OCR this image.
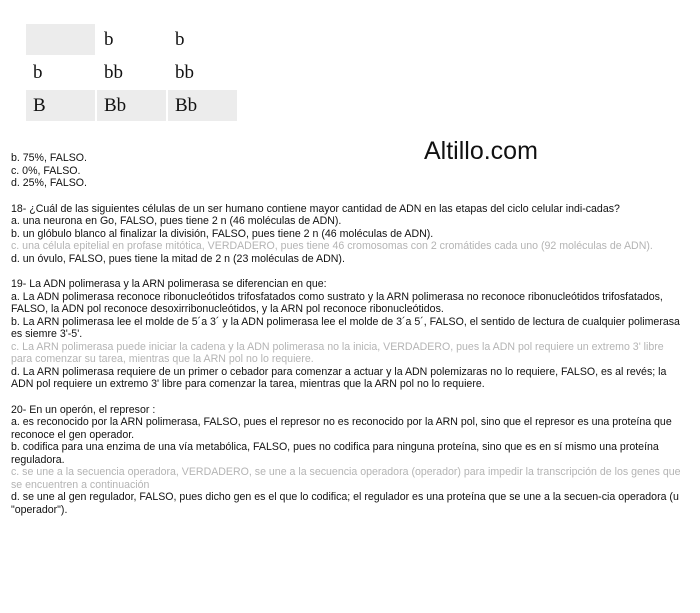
	b	b
b	bb	bb
B	Bb	Bb
Altillo.com

b. 75%, FALSO.

c. 0%, FALSO.

d. 25%, FALSO.

18- ¿Cuál de las siguientes células de un ser humano contiene mayor cantidad de ADN en las etapas del ciclo celular indi-cadas?

a. una neurona en Go, FALSO, pues tiene 2 n (46 moléculas de ADN).

b. un glóbulo blanco al finalizar la división, FALSO, pues tiene 2 n (46 moléculas de ADN).

c. una célula epitelial en profase mitótica, VERDADERO, pues tiene 46 cromosomas con 2 cromátides cada uno (92 moléculas de ADN).

d. un óvulo, FALSO, pues tiene la mitad de 2 n (23 moléculas de ADN).

19- La ADN polimerasa y la ARN polimerasa se diferencian en que:

a. La ADN polimerasa reconoce ribonucleótidos trifosfatados como sustrato y la ARN polimerasa no reconoce ribonucleótidos trifosfatados, FALSO, la ADN pol reconoce desoxirribonucleótidos, y la ARN pol reconoce ribonucleótidos.

b. La ARN polimerasa lee el molde de 5´a 3´ y la ADN polimerasa lee el molde de 3´a 5´, FALSO, el sentido de lectura de cualquier polimerasa es siemre 3'-5'.

c. La ARN polimerasa puede iniciar la cadena y la ADN polimerasa no la inicia, VERDADERO, pues la ADN pol requiere un extremo 3' libre para comenzar su tarea, mientras que la ARN pol no lo requiere.

d. La ARN polimerasa requiere de un primer o cebador para comenzar a actuar y la ADN polemizaras no lo requiere, FALSO, es al revés; la ADN pol requiere un extremo 3' libre para comenzar la tarea, mientras que la ARN pol no lo requiere.

20- En un operón, el represor :

a. es reconocido por la ARN polimerasa, FALSO, pues el represor no es reconocido por la ARN pol, sino que el represor es una proteína que reconoce el gen operador.

b. codifica para una enzima de una vía metabólica, FALSO, pues no codifica para ninguna proteína, sino que es en sí mismo una proteína reguladora.

c. se une a la secuencia operadora, VERDADERO, se une a la secuencia operadora (operador) para impedir la transcripción de los genes que se encuentren a continuación

d. se une al gen regulador, FALSO, pues dicho gen es el que lo codifica; el regulador es una proteína que se une a la secuen-cia operadora (u "operador").
